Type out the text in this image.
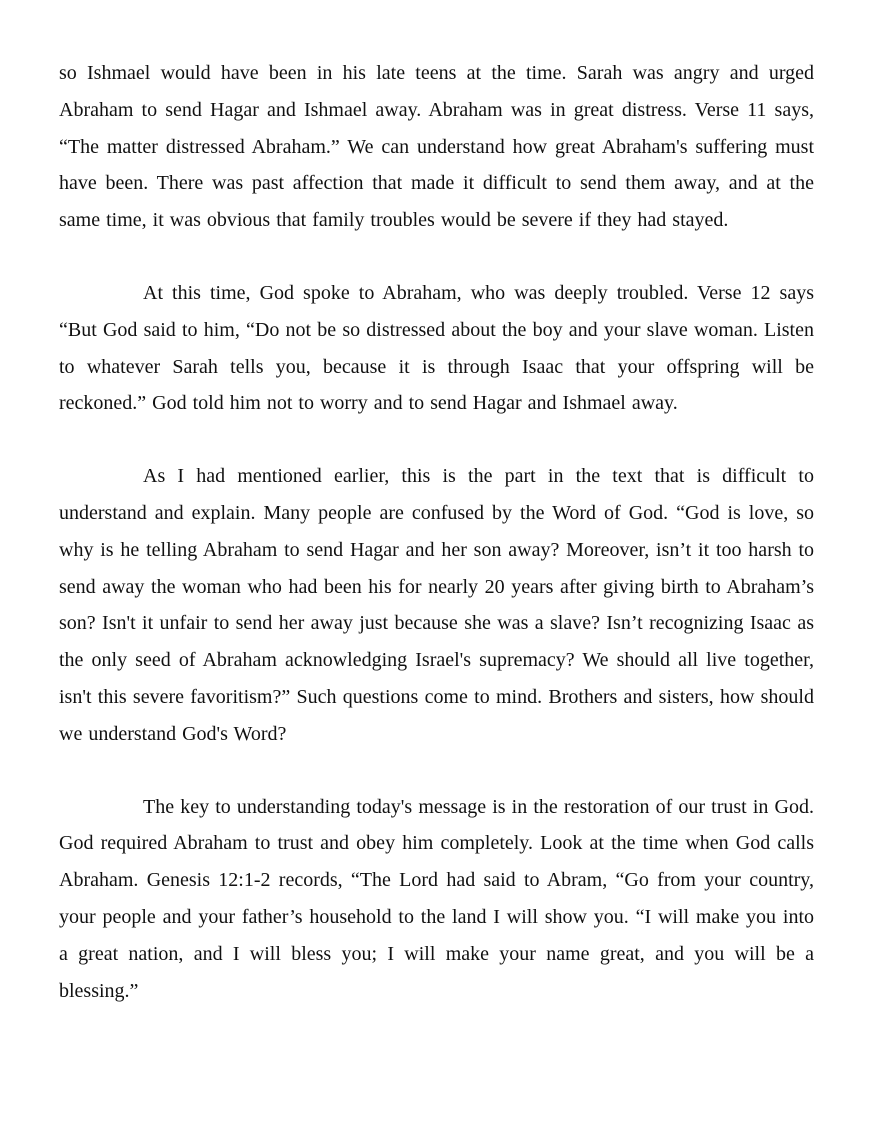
so Ishmael would have been in his late teens at the time. Sarah was angry and urged Abraham to send Hagar and Ishmael away. Abraham was in great distress. Verse 11 says, “The matter distressed Abraham.” We can understand how great Abraham's suffering must have been. There was past affection that made it difficult to send them away, and at the same time, it was obvious that family troubles would be severe if they had stayed.

At this time, God spoke to Abraham, who was deeply troubled. Verse 12 says “But God said to him, “Do not be so distressed about the boy and your slave woman. Listen to whatever Sarah tells you, because it is through Isaac that your offspring will be reckoned.” God told him not to worry and to send Hagar and Ishmael away.

As I had mentioned earlier, this is the part in the text that is difficult to understand and explain. Many people are confused by the Word of God. “God is love, so why is he telling Abraham to send Hagar and her son away? Moreover, isn’t it too harsh to send away the woman who had been his for nearly 20 years after giving birth to Abraham’s son? Isn't it unfair to send her away just because she was a slave? Isn’t recognizing Isaac as the only seed of Abraham acknowledging Israel's supremacy? We should all live together, isn't this severe favoritism?” Such questions come to mind. Brothers and sisters, how should we understand God's Word?

The key to understanding today's message is in the restoration of our trust in God. God required Abraham to trust and obey him completely. Look at the time when God calls Abraham. Genesis 12:1-2 records, “The Lord had said to Abram, “Go from your country, your people and your father’s household to the land I will show you. “I will make you into a great nation, and I will bless you; I will make your name great, and you will be a blessing.”
